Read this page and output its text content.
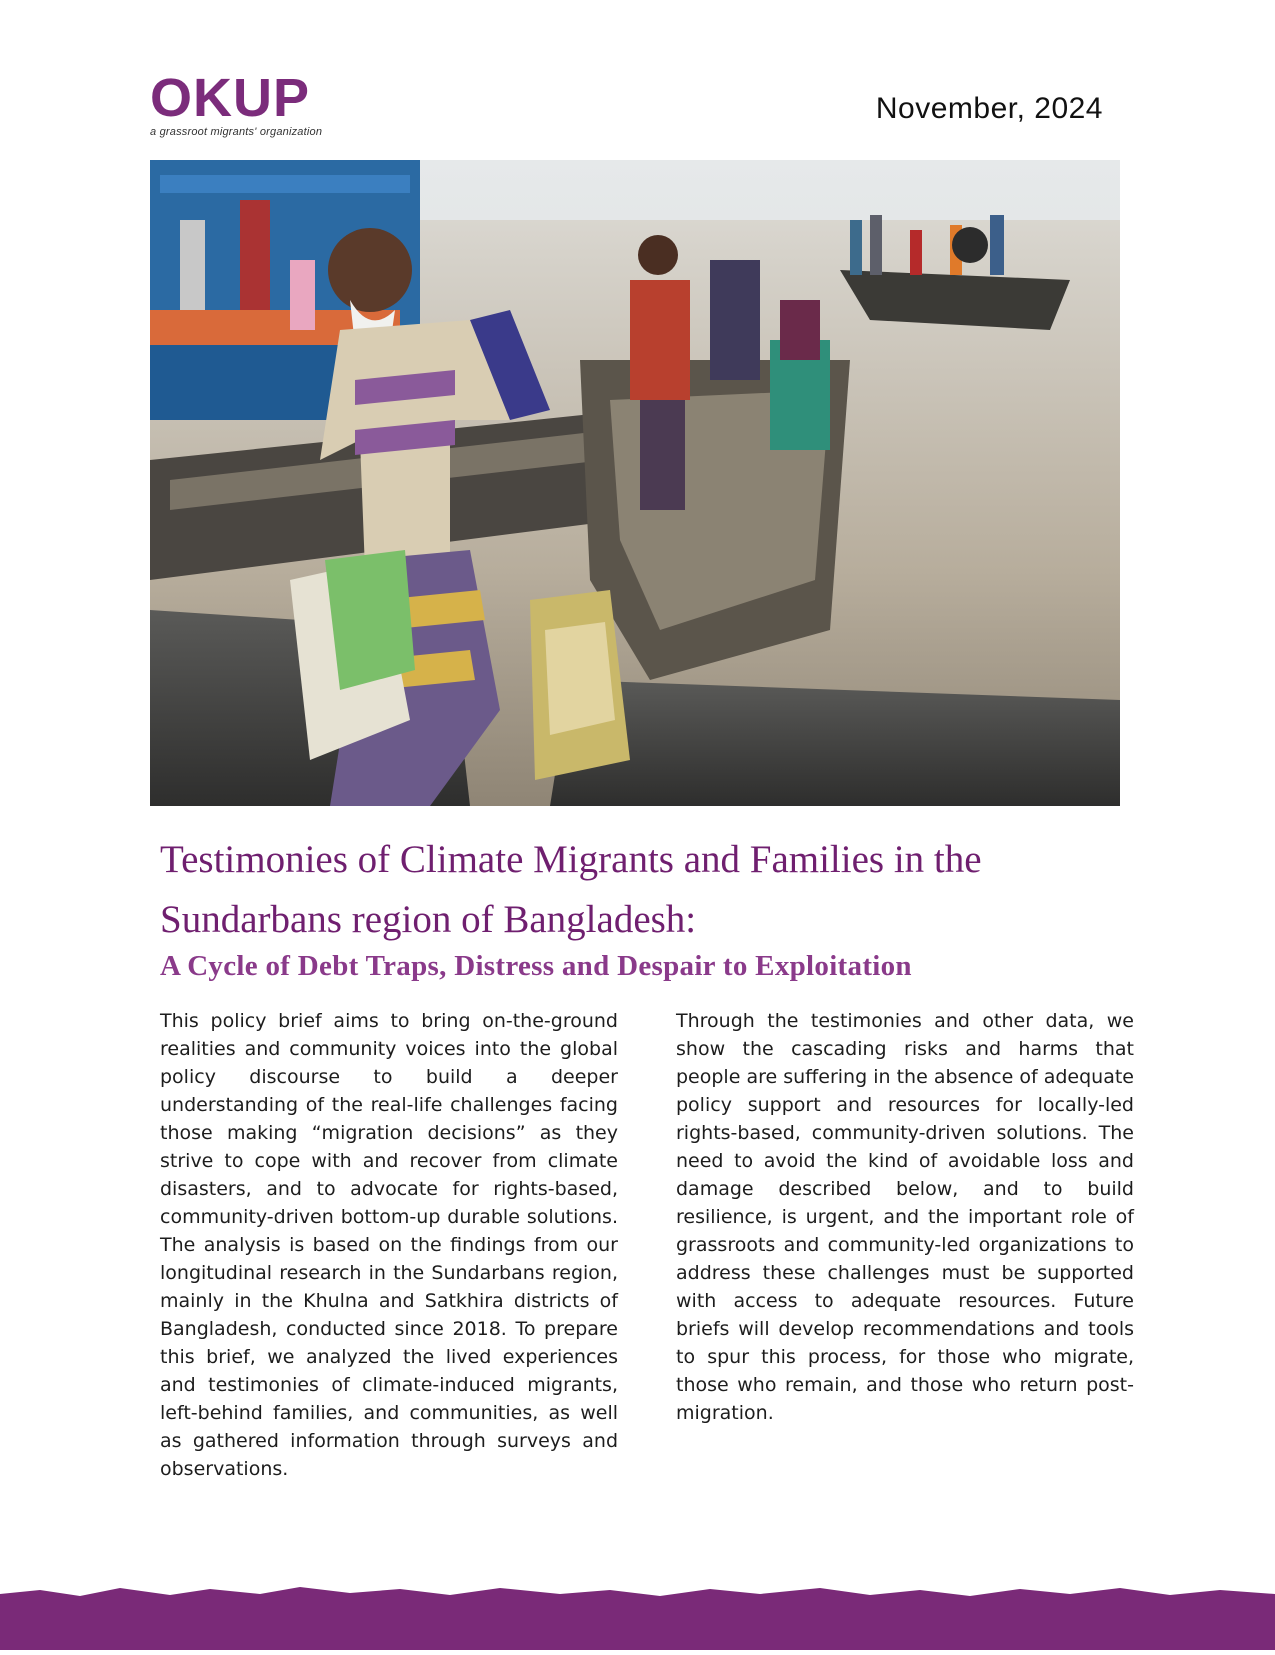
OKUP
a grassroot migrants' organization
November, 2024
Testimonies of Climate Migrants and Families in the Sundarbans region of Bangladesh:
A Cycle of Debt Traps, Distress and Despair to Exploitation

This policy brief aims to bring on-the-ground realities and community voices into the global policy discourse to build a deeper understanding of the real-life challenges facing those making “migration decisions” as they strive to cope with and recover from climate disasters, and to advocate for rights-based, community-driven bottom-up durable solutions. The analysis is based on the findings from our longitudinal research in the Sundarbans region, mainly in the Khulna and Satkhira districts of Bangladesh, conducted since 2018. To prepare this brief, we analyzed the lived experiences and testimonies of climate-induced migrants, left-behind families, and communities, as well as gathered information through surveys and observations.

Through the testimonies and other data, we show the cascading risks and harms that people are suffering in the absence of adequate policy support and resources for locally-led rights-based, community-driven solutions. The need to avoid the kind of avoidable loss and damage described below, and to build resilience, is urgent, and the important role of grassroots and community-led organizations to address these challenges must be supported with access to adequate resources. Future briefs will develop recommendations and tools to spur this process, for those who migrate, those who remain, and those who return post-migration.
